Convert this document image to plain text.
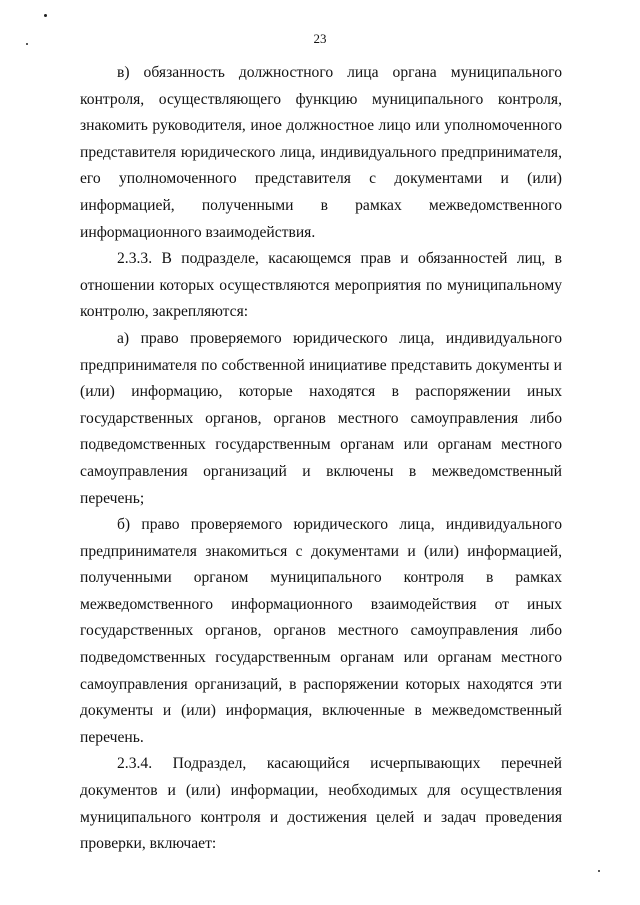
23

в) обязанность должностного лица органа муниципального контроля, осуществляющего функцию муниципального контроля, знакомить руководителя, иное должностное лицо или уполномоченного представителя юридического лица, индивидуального предпринимателя, его уполномоченного представителя с документами и (или) информацией, полученными в рамках межведомственного информационного взаимодействия.

2.3.3. В подразделе, касающемся прав и обязанностей лиц, в отношении которых осуществляются мероприятия по муниципальному контролю, закрепляются:

а) право проверяемого юридического лица, индивидуального предпринимателя по собственной инициативе представить документы и (или) информацию, которые находятся в распоряжении иных государственных органов, органов местного самоуправления либо подведомственных государственным органам или органам местного самоуправления организаций и включены в межведомственный перечень;

б) право проверяемого юридического лица, индивидуального предпринимателя знакомиться с документами и (или) информацией, полученными органом муниципального контроля в рамках межведомственного информационного взаимодействия от иных государственных органов, органов местного самоуправления либо подведомственных государственным органам или органам местного самоуправления организаций, в распоряжении которых находятся эти документы и (или) информация, включенные в межведомственный перечень.

2.3.4. Подраздел, касающийся исчерпывающих перечней документов и (или) информации, необходимых для осуществления муниципального контроля и достижения целей и задач проведения проверки, включает:
